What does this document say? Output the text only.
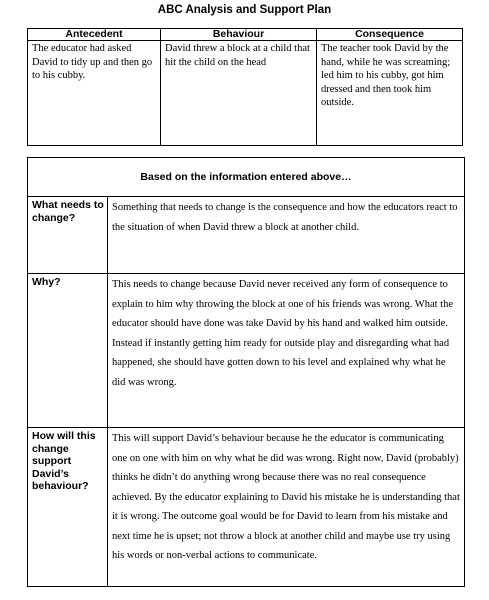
ABC Analysis and Support Plan
Antecedent	Behaviour	Consequence
The educator had asked David to tidy up and then go to his cubby.	David threw a block at a child that hit the child on the head	The teacher took David by the hand, while he was screaming; led him to his cubby, got him dressed and then took him outside.
Based on the information entered above…	
What needs to change?	Something that needs to change is the consequence and how the educators react to the situation of when David threw a block at another child.
Why?	This needs to change because David never received any form of consequence to explain to him why throwing the block at one of his friends was wrong. What the educator should have done was take David by his hand and walked him outside. Instead if instantly getting him ready for outside play and disregarding what had happened, she should have gotten down to his level and explained why what he did was wrong.
How will this change support David’s behaviour?	This will support David’s behaviour because he the educator is communicating one on one with him on why what he did was wrong. Right now, David (probably) thinks he didn’t do anything wrong because there was no real consequence achieved. By the educator explaining to David his mistake he is understanding that it is wrong. The outcome goal would be for David to learn from his mistake and next time he is upset; not throw a block at another child and maybe use try using his words or non-verbal actions to communicate.
